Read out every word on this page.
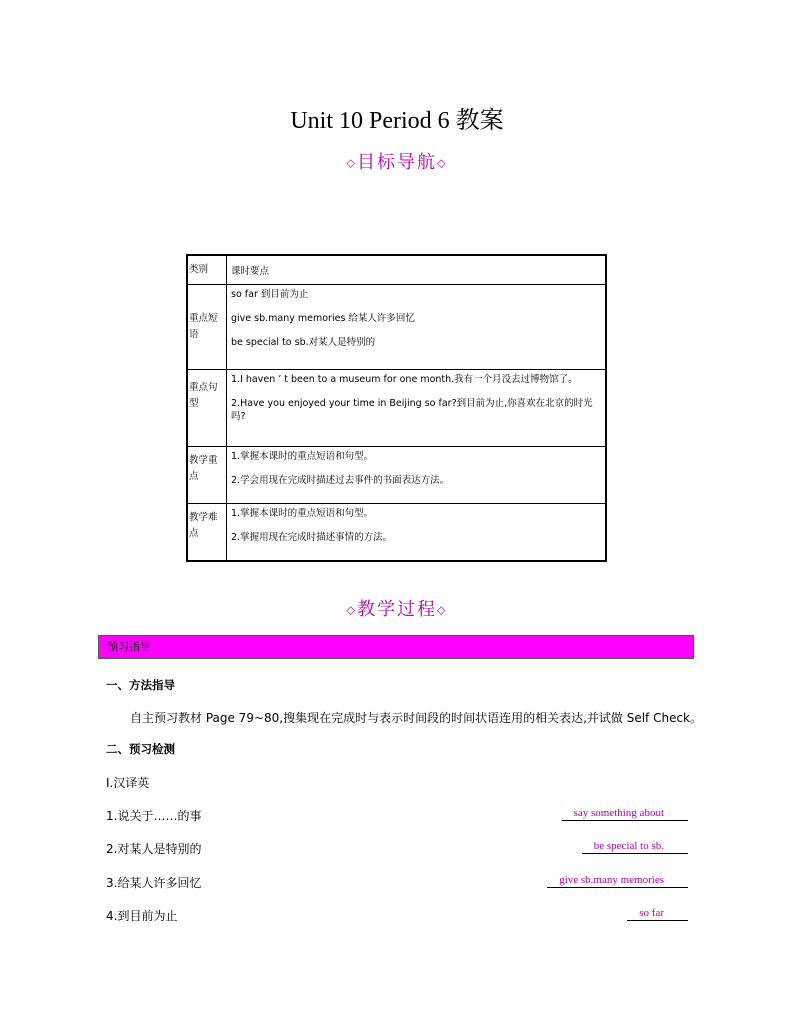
Unit 10 Period 6 教案
◇目标导航◇
类别	课时要点
重点短语	so far 到目前为止
give sb.many memories 给某人许多回忆
be special to sb.对某人是特别的

重点句型	1.I haven ’ t been to a museum for one month.我有一个月没去过博物馆了。
2.Have you enjoyed your time in Beijing so far?到目前为止,你喜欢在北京的时光吗?

教学重点	1.掌握本课时的重点短语和句型。
2.学会用现在完成时描述过去事件的书面表达方法。

教学难点	1.掌握本课时的重点短语和句型。
2.掌握用现在完成时描述事情的方法。
◇教学过程◇
预习指导
一、方法指导
自主预习教材 Page 79~80,搜集现在完成时与表示时间段的时间状语连用的相关表达,并试做 Self Check。
二、预习检测
Ⅰ.汉译英
1.说关于……的事	say something about
2.对某人是特别的	be special to sb.
3.给某人许多回忆	give sb.many memories
4.到目前为止	so far
